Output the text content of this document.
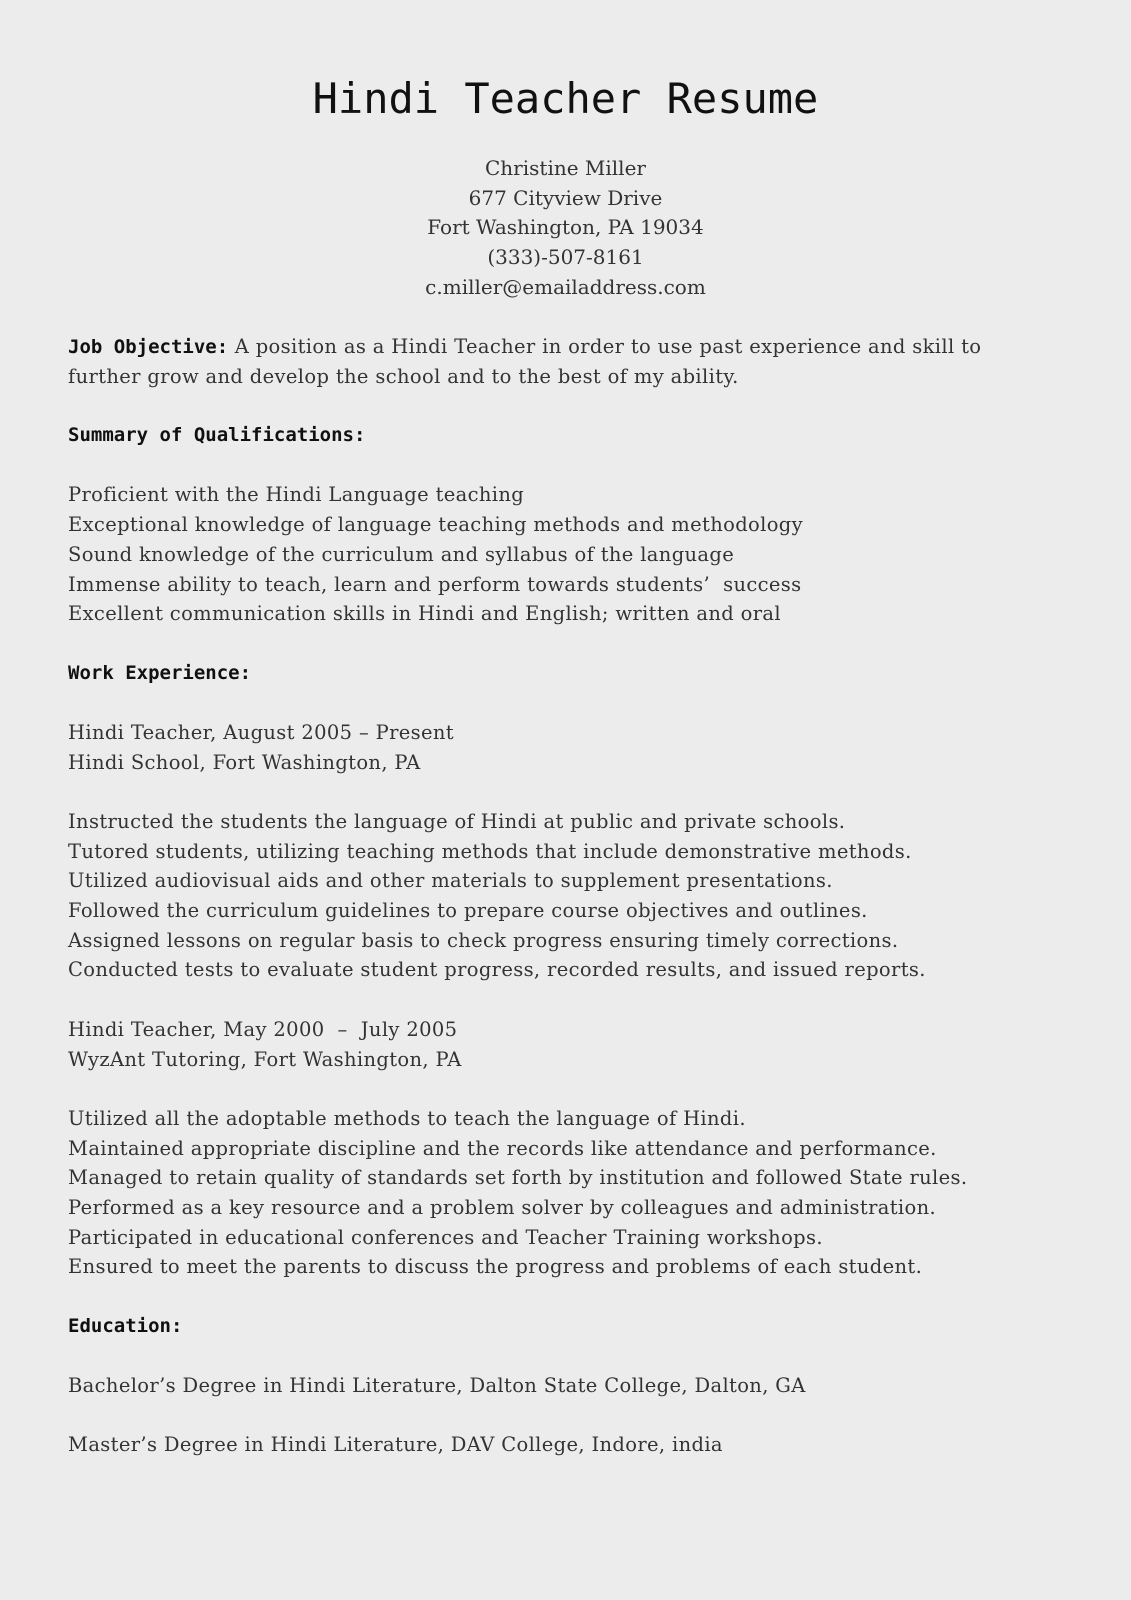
Hindi Teacher Resume
Christine Miller
677 Cityview Drive
Fort Washington, PA 19034
(333)-507-8161
c.miller@emailaddress.com
Job Objective: A position as a Hindi Teacher in order to use past experience and skill to
further grow and develop the school and to the best of my ability.
Summary of Qualifications:
Proficient with the Hindi Language teaching
Exceptional knowledge of language teaching methods and methodology
Sound knowledge of the curriculum and syllabus of the language
Immense ability to teach, learn and perform towards students’  success
Excellent communication skills in Hindi and English; written and oral
Work Experience:
Hindi Teacher, August 2005 – Present
Hindi School, Fort Washington, PA
Instructed the students the language of Hindi at public and private schools.
Tutored students, utilizing teaching methods that include demonstrative methods.
Utilized audiovisual aids and other materials to supplement presentations.
Followed the curriculum guidelines to prepare course objectives and outlines.
Assigned lessons on regular basis to check progress ensuring timely corrections.
Conducted tests to evaluate student progress, recorded results, and issued reports.
Hindi Teacher, May 2000  –  July 2005
WyzAnt Tutoring, Fort Washington, PA
Utilized all the adoptable methods to teach the language of Hindi.
Maintained appropriate discipline and the records like attendance and performance.
Managed to retain quality of standards set forth by institution and followed State rules.
Performed as a key resource and a problem solver by colleagues and administration.
Participated in educational conferences and Teacher Training workshops.
Ensured to meet the parents to discuss the progress and problems of each student.
Education:
Bachelor’s Degree in Hindi Literature, Dalton State College, Dalton, GA
Master’s Degree in Hindi Literature, DAV College, Indore, india
